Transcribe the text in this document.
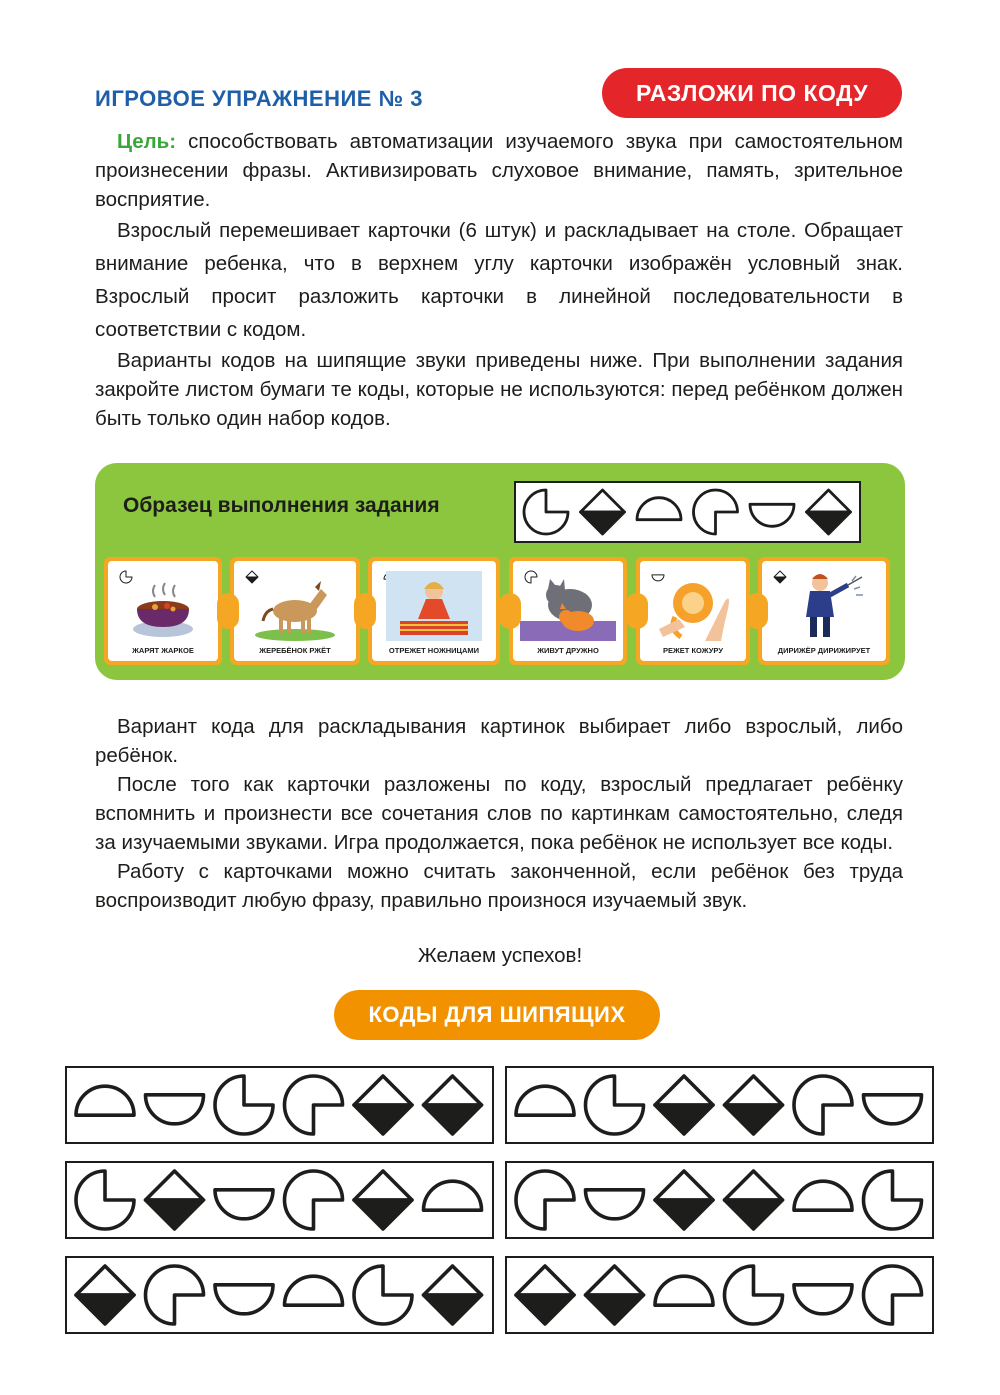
ИГРОВОЕ УПРАЖНЕНИЕ № 3	РАЗЛОЖИ ПО КОДУ

Цель: способствовать автоматизации изучаемого звука при самостоятельном произнесении фразы. Активизировать слуховое внимание, память, зрительное восприятие.

Взрослый перемешивает карточки (6 штук) и раскладывает на столе. Обращает внимание ребенка, что в верхнем углу карточки изображён условный знак. Взрослый просит разложить карточки в линейной последовательности в соответствии с кодом.

Варианты кодов на шипящие звуки приведены ниже. При выполнении задания закройте листом бумаги те коды, которые не используются: перед ребёнком должен быть только один набор кодов.

Образец выполнения задания
ЖАРЯТ ЖАРКОЕ	ЖЕРЕБЁНОК РЖЁТ	ОТРЕЖЕТ НОЖНИЦАМИ	ЖИВУТ ДРУЖНО	РЕЖЕТ КОЖУРУ	ДИРИЖЁР ДИРИЖИРУЕТ

Вариант кода для раскладывания картинок выбирает либо взрослый, либо ребёнок.

После того как карточки разложены по коду, взрослый предлагает ребёнку вспомнить и произнести все сочетания слов по картинкам самостоятельно, следя за изучаемыми звуками. Игра продолжается, пока ребёнок не использует все коды.

Работу с карточками можно считать законченной, если ребёнок без труда воспроизводит любую фразу, правильно произнося изучаемый звук.

Желаем успехов!
КОДЫ ДЛЯ ШИПЯЩИХ
